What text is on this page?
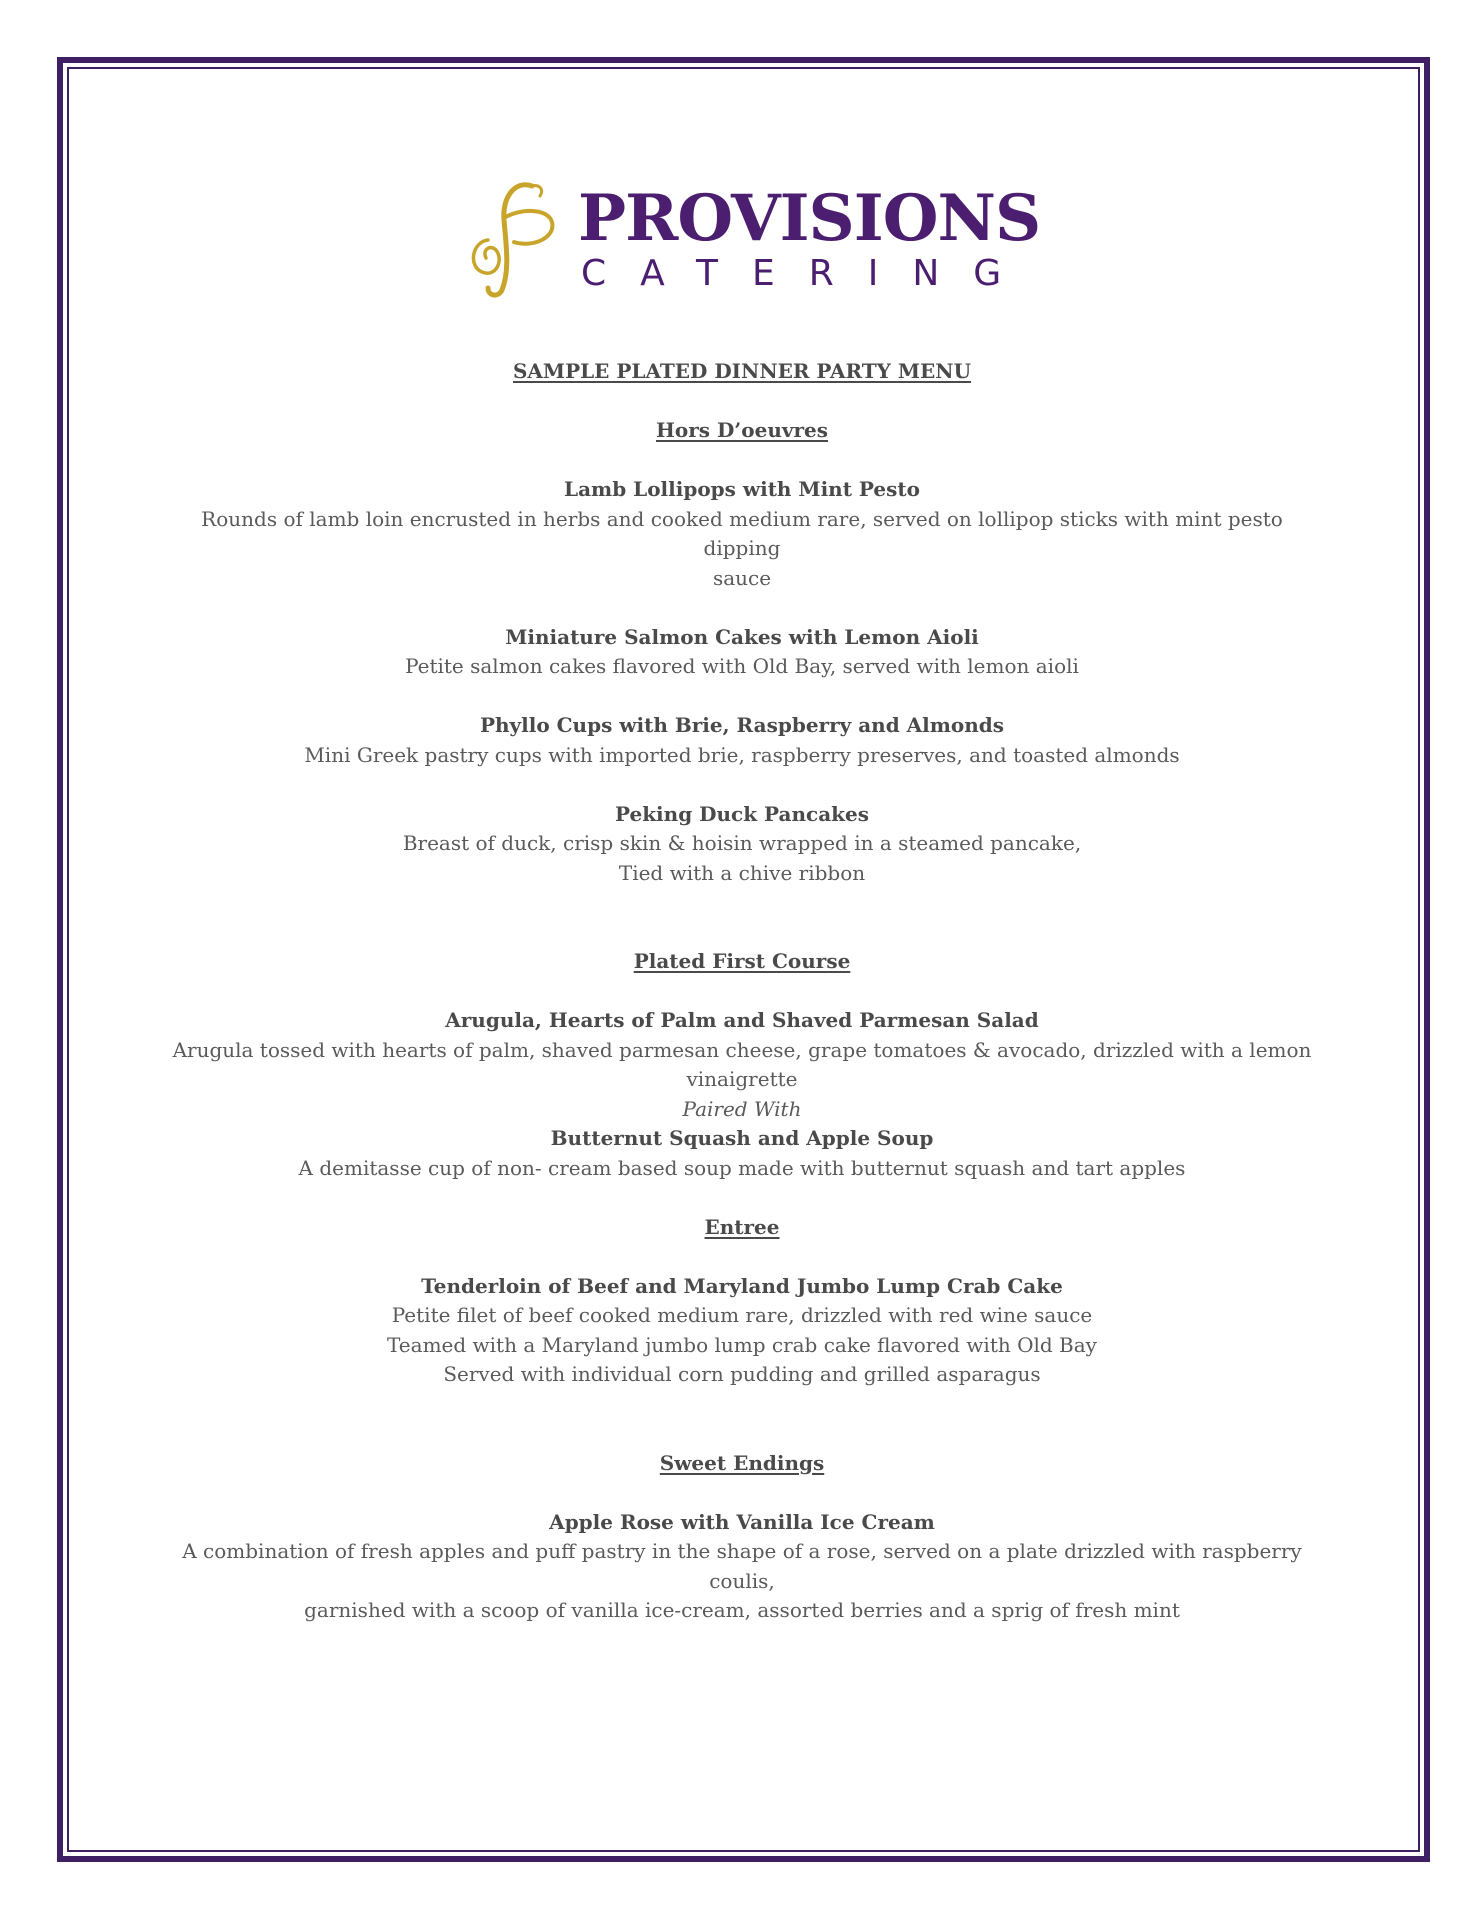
PROVISIONS
CATERING
SAMPLE PLATED DINNER PARTY MENU
Hors D’oeuvres
Lamb Lollipops with Mint Pesto
Rounds of lamb loin encrusted in herbs and cooked medium rare, served on lollipop sticks with mint pesto dipping
sauce
Miniature Salmon Cakes with Lemon Aioli
Petite salmon cakes flavored with Old Bay, served with lemon aioli
Phyllo Cups with Brie, Raspberry and Almonds
Mini Greek pastry cups with imported brie, raspberry preserves, and toasted almonds
Peking Duck Pancakes
Breast of duck, crisp skin & hoisin wrapped in a steamed pancake,
Tied with a chive ribbon
Plated First Course
Arugula, Hearts of Palm and Shaved Parmesan Salad
Arugula tossed with hearts of palm, shaved parmesan cheese, grape tomatoes & avocado, drizzled with a lemon
vinaigrette
Paired With
Butternut Squash and Apple Soup
A demitasse cup of non- cream based soup made with butternut squash and tart apples
Entree
Tenderloin of Beef and Maryland Jumbo Lump Crab Cake
Petite filet of beef cooked medium rare, drizzled with red wine sauce
Teamed with a Maryland jumbo lump crab cake flavored with Old Bay
Served with individual corn pudding and grilled asparagus
Sweet Endings
Apple Rose with Vanilla Ice Cream
A combination of fresh apples and puff pastry in the shape of a rose, served on a plate drizzled with raspberry coulis,
garnished with a scoop of vanilla ice-cream, assorted berries and a sprig of fresh mint
